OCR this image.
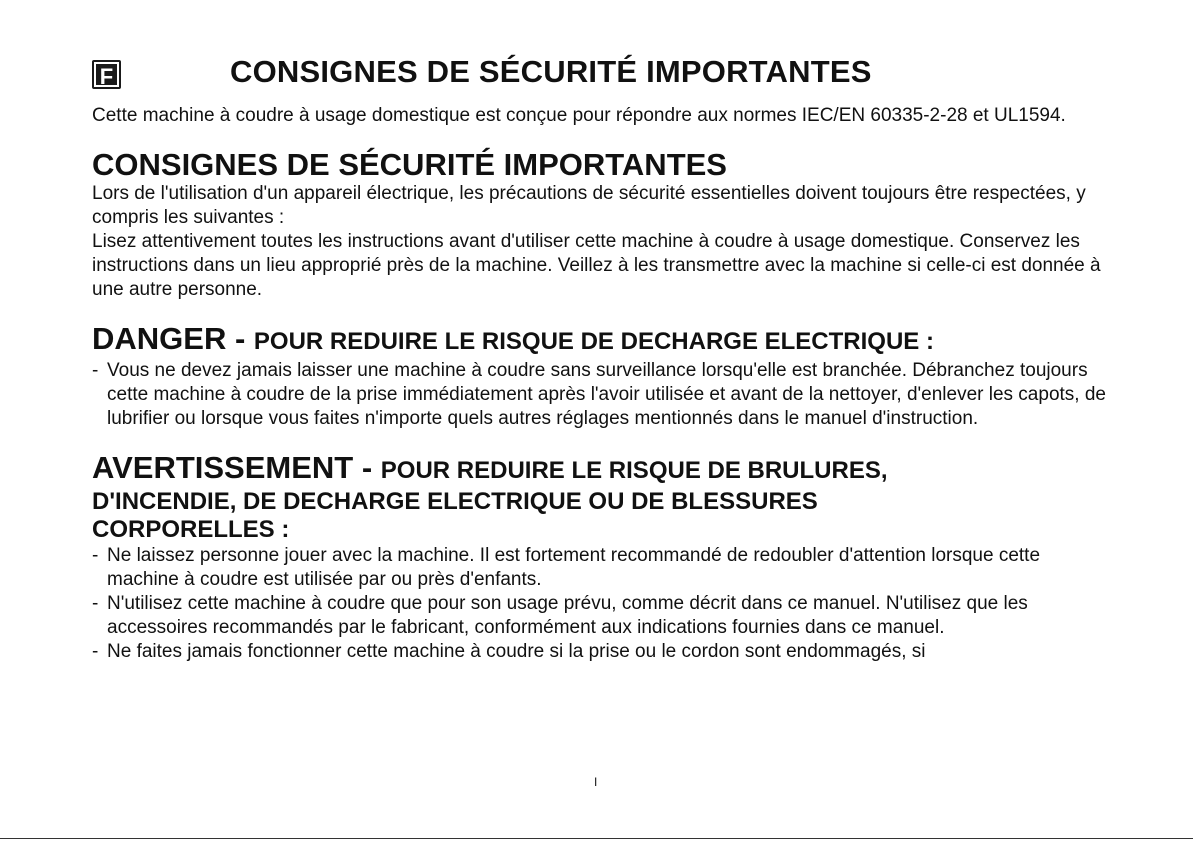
F	CONSIGNES DE SÉCURITÉ IMPORTANTES

Cette machine à coudre à usage domestique est conçue pour répondre aux normes IEC/EN 60335-2-28 et UL1594.

CONSIGNES DE SÉCURITÉ IMPORTANTES

Lors de l'utilisation d'un appareil électrique, les précautions de sécurité essentielles doivent toujours être respectées, y compris les suivantes :

Lisez attentivement toutes les instructions avant d'utiliser cette machine à coudre à usage domestique. Conservez les instructions dans un lieu approprié près de la machine. Veillez à les transmettre avec la machine si celle-ci est donnée à une autre personne.

DANGER - POUR REDUIRE LE RISQUE DE DECHARGE ELECTRIQUE :
- Vous ne devez jamais laisser une machine à coudre sans surveillance lorsqu'elle est branchée. Débranchez toujours cette machine à coudre de la prise immédiatement après l'avoir utilisée et avant de la nettoyer, d'enlever les capots, de lubrifier ou lorsque vous faites n'importe quels autres réglages mentionnés dans le manuel d'instruction.
AVERTISSEMENT - POUR REDUIRE LE RISQUE DE BRULURES,
D'INCENDIE, DE DECHARGE ELECTRIQUE OU DE BLESSURES
CORPORELLES :
- Ne laissez personne jouer avec la machine. Il est fortement recommandé de redoubler d'attention lorsque cette machine à coudre est utilisée par ou près d'enfants.
- N'utilisez cette machine à coudre que pour son usage prévu, comme décrit dans ce manuel. N'utilisez que les accessoires recommandés par le fabricant, conformément aux indications fournies dans ce manuel.
- Ne faites jamais fonctionner cette machine à coudre si la prise ou le cordon sont endommagés, si
I
